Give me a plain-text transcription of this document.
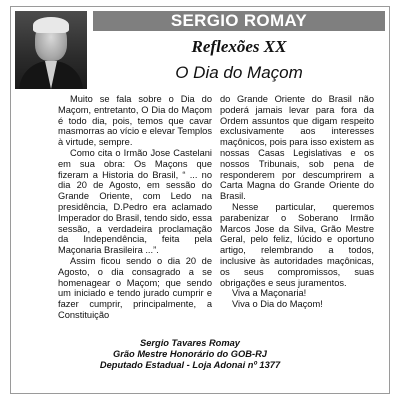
SERGIO ROMAY
Reflexões XX
O Dia do Maçom

Muito se fala sobre o Dia do Maçom, entretanto, O Dia do Maçom é todo dia, pois, temos que cavar masmorras ao vício e elevar Templos à virtude, sempre.

Como cita o Irmão Jose Castelani em sua obra: Os Maçons que fizeram a Historia do Brasil, “ ... no dia 20 de Agosto, em sessão do Grande Oriente, com Ledo na presidência, D.Pedro era aclamado Imperador do Brasil, tendo sido, essa sessão, a verdadeira proclamação da Independência, feita pela Maçonaria Brasileira ...”.

Assim ficou sendo o dia 20 de Agosto, o dia consagrado a se homenagear o Maçom; que sendo um iniciado e tendo jurado cumprir e fazer cumprir, principalmente, a Constituição

do Grande Oriente do Brasil não poderá jamais levar para fora da Ordem assuntos que digam respeito exclusivamente aos interesses maçônicos, pois para isso existem as nossas Casas Legislativas e os nossos Tribunais, sob pena de responderem por descumprirem a Carta Magna do Grande Oriente do Brasil.

Nesse particular, queremos parabenizar o Soberano Irmão Marcos Jose da Silva, Grão Mestre Geral, pelo feliz, lúcido e oportuno artigo, relembrando a todos, inclusive às autoridades maçônicas, os seus compromissos, suas obrigações e seus juramentos.

Viva a Maçonaria!

Viva o Dia do Maçom!

Sergio Tavares Romay
Grão Mestre Honorário do GOB-RJ
Deputado Estadual - Loja Adonai nº 1377
